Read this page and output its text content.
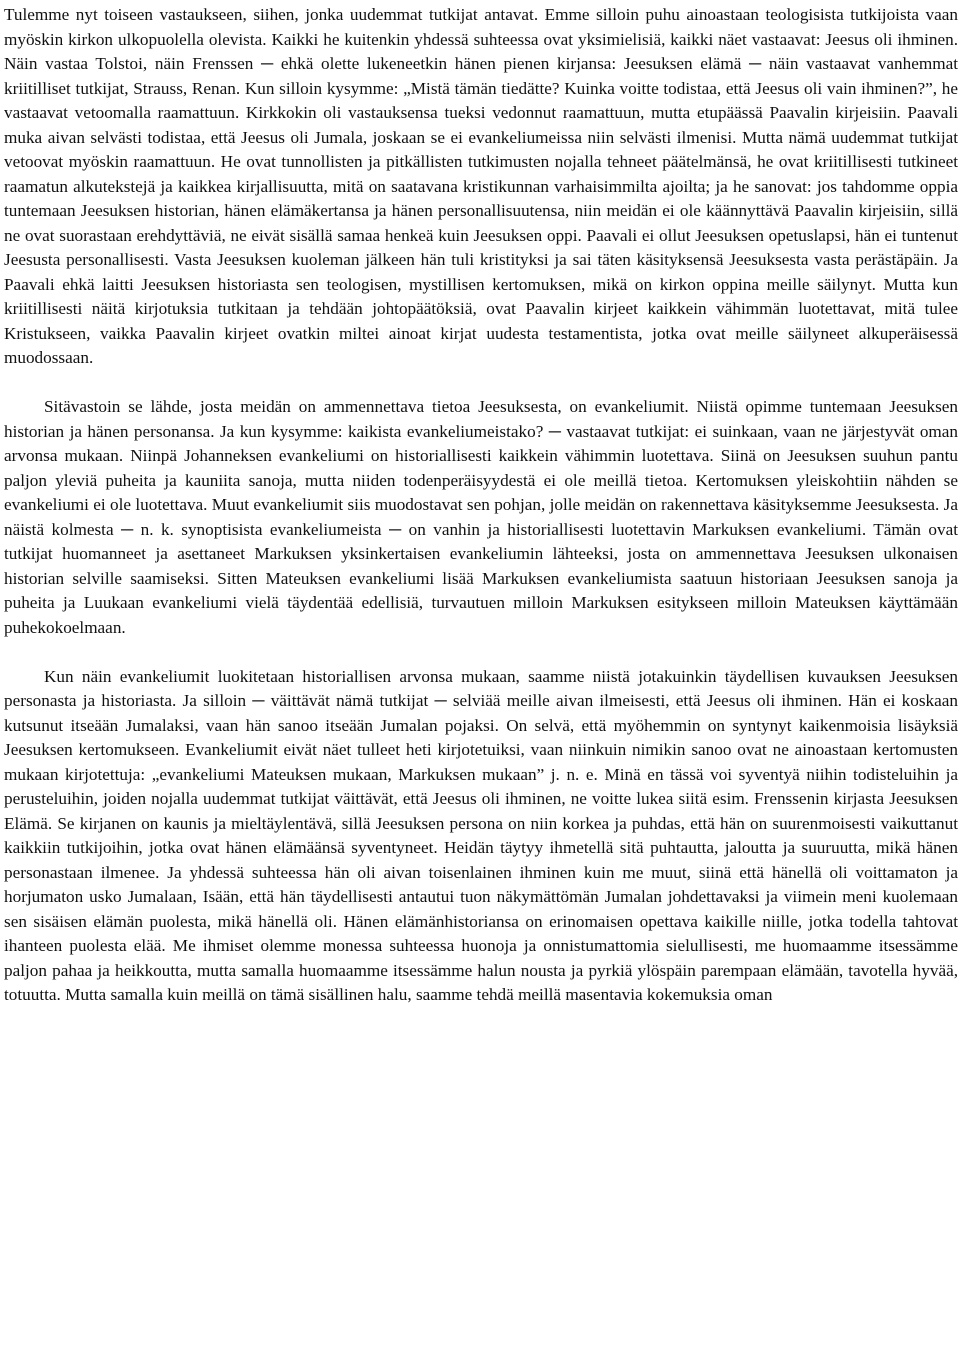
Tulemme nyt toiseen vastaukseen, siihen, jonka uudemmat tutkijat antavat. Emme silloin puhu ainoastaan teologisista tutkijoista vaan myöskin kirkon ulkopuolella olevista. Kaikki he kuitenkin yhdessä suhteessa ovat yksimielisiä, kaikki näet vastaavat: Jeesus oli ihminen. Näin vastaa Tolstoi, näin Frenssen ─ ehkä olette lukeneetkin hänen pienen kirjansa: Jeesuksen elämä ─ näin vastaavat vanhemmat kriitilliset tutkijat, Strauss, Renan. Kun silloin kysymme: „Mistä tämän tiedätte? Kuinka voitte todistaa, että Jeesus oli vain ihminen?”, he vastaavat vetoomalla raamattuun. Kirkkokin oli vastauksensa tueksi vedonnut raamattuun, mutta etupäässä Paavalin kirjeisiin. Paavali muka aivan selvästi todistaa, että Jeesus oli Jumala, joskaan se ei evankeliumeissa niin selvästi ilmenisi. Mutta nämä uudemmat tutkijat vetoovat myöskin raamattuun. He ovat tunnollisten ja pitkällisten tutkimusten nojalla tehneet päätelmänsä, he ovat kriitillisesti tutkineet raamatun alkutekstejä ja kaikkea kirjallisuutta, mitä on saatavana kristikunnan varhaisimmilta ajoilta; ja he sanovat: jos tahdomme oppia tuntemaan Jeesuksen historian, hänen elämäkertansa ja hänen personallisuutensa, niin meidän ei ole käännyttävä Paavalin kirjeisiin, sillä ne ovat suorastaan erehdyttäviä, ne eivät sisällä samaa henkeä kuin Jeesuksen oppi. Paavali ei ollut Jeesuksen opetuslapsi, hän ei tuntenut Jeesusta personallisesti. Vasta Jeesuksen kuoleman jälkeen hän tuli kristityksi ja sai täten käsityksensä Jeesuksesta vasta perästäpäin. Ja Paavali ehkä laitti Jeesuksen historiasta sen teologisen, mystillisen kertomuksen, mikä on kirkon oppina meille säilynyt. Mutta kun kriitillisesti näitä kirjotuksia tutkitaan ja tehdään johtopäätöksiä, ovat Paavalin kirjeet kaikkein vähimmän luotettavat, mitä tulee Kristukseen, vaikka Paavalin kirjeet ovatkin miltei ainoat kirjat uudesta testamentista, jotka ovat meille säilyneet alkuperäisessä muodossaan.

Sitävastoin se lähde, josta meidän on ammennettava tietoa Jeesuksesta, on evankeliumit. Niistä opimme tuntemaan Jeesuksen historian ja hänen personansa. Ja kun kysymme: kaikista evankeliumeistako? ─ vastaavat tutkijat: ei suinkaan, vaan ne järjestyvät oman arvonsa mukaan. Niinpä Johanneksen evankeliumi on historiallisesti kaikkein vähimmin luotettava. Siinä on Jeesuksen suuhun pantu paljon yleviä puheita ja kauniita sanoja, mutta niiden todenperäisyydestä ei ole meillä tietoa. Kertomuksen yleiskohtiin nähden se evankeliumi ei ole luotettava. Muut evankeliumit siis muodostavat sen pohjan, jolle meidän on rakennettava käsityksemme Jeesuksesta. Ja näistä kolmesta ─ n. k. synoptisista evankeliumeista ─ on vanhin ja historiallisesti luotettavin Markuksen evankeliumi. Tämän ovat tutkijat huomanneet ja asettaneet Markuksen yksinkertaisen evankeliumin lähteeksi, josta on ammennettava Jeesuksen ulkonaisen historian selville saamiseksi. Sitten Mateuksen evankeliumi lisää Markuksen evankeliumista saatuun historiaan Jeesuksen sanoja ja puheita ja Luukaan evankeliumi vielä täydentää edellisiä, turvautuen milloin Markuksen esitykseen milloin Mateuksen käyttämään puhekokoelmaan.

Kun näin evankeliumit luokitetaan historiallisen arvonsa mukaan, saamme niistä jotakuinkin täydellisen kuvauksen Jeesuksen personasta ja historiasta. Ja silloin ─ väittävät nämä tutkijat ─ selviää meille aivan ilmeisesti, että Jeesus oli ihminen. Hän ei koskaan kutsunut itseään Jumalaksi, vaan hän sanoo itseään Jumalan pojaksi. On selvä, että myöhemmin on syntynyt kaikenmoisia lisäyksiä Jeesuksen kertomukseen. Evankeliumit eivät näet tulleet heti kirjotetuiksi, vaan niinkuin nimikin sanoo ovat ne ainoastaan kertomusten mukaan kirjotettuja: „evankeliumi Mateuksen mukaan, Markuksen mukaan” j. n. e. Minä en tässä voi syventyä niihin todisteluihin ja perusteluihin, joiden nojalla uudemmat tutkijat väittävät, että Jeesus oli ihminen, ne voitte lukea siitä esim. Frenssenin kirjasta Jeesuksen Elämä. Se kirjanen on kaunis ja mieltäylentävä, sillä Jeesuksen persona on niin korkea ja puhdas, että hän on suurenmoisesti vaikuttanut kaikkiin tutkijoihin, jotka ovat hänen elämäänsä syventyneet. Heidän täytyy ihmetellä sitä puhtautta, jaloutta ja suuruutta, mikä hänen personastaan ilmenee. Ja yhdessä suhteessa hän oli aivan toisenlainen ihminen kuin me muut, siinä että hänellä oli voittamaton ja horjumaton usko Jumalaan, Isään, että hän täydellisesti antautui tuon näkymättömän Jumalan johdettavaksi ja viimein meni kuolemaan sen sisäisen elämän puolesta, mikä hänellä oli. Hänen elämänhistoriansa on erinomaisen opettava kaikille niille, jotka todella tahtovat ihanteen puolesta elää. Me ihmiset olemme monessa suhteessa huonoja ja onnistumattomia sielullisesti, me huomaamme itsessämme paljon pahaa ja heikkoutta, mutta samalla huomaamme itsessämme halun nousta ja pyrkiä ylöspäin parempaan elämään, tavotella hyvää, totuutta. Mutta samalla kuin meillä on tämä sisällinen halu, saamme tehdä meillä masentavia kokemuksia oman
